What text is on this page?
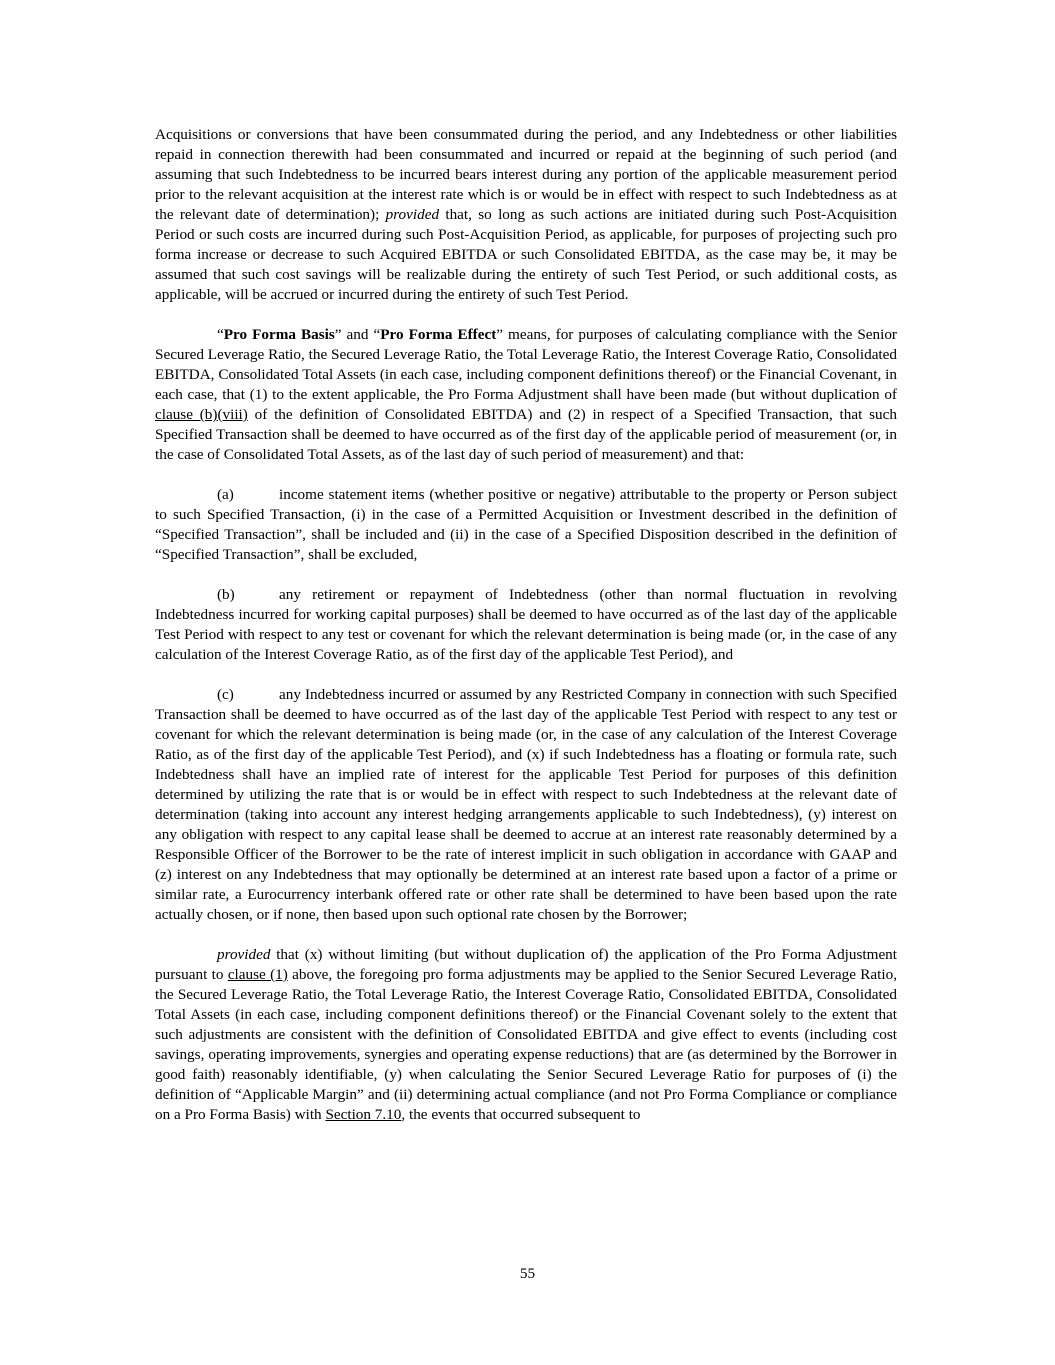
Acquisitions or conversions that have been consummated during the period, and any Indebtedness or other liabilities repaid in connection therewith had been consummated and incurred or repaid at the beginning of such period (and assuming that such Indebtedness to be incurred bears interest during any portion of the applicable measurement period prior to the relevant acquisition at the interest rate which is or would be in effect with respect to such Indebtedness as at the relevant date of determination); provided that, so long as such actions are initiated during such Post-Acquisition Period or such costs are incurred during such Post-Acquisition Period, as applicable, for purposes of projecting such pro forma increase or decrease to such Acquired EBITDA or such Consolidated EBITDA, as the case may be, it may be assumed that such cost savings will be realizable during the entirety of such Test Period, or such additional costs, as applicable, will be accrued or incurred during the entirety of such Test Period.

“Pro Forma Basis” and “Pro Forma Effect” means, for purposes of calculating compliance with the Senior Secured Leverage Ratio, the Secured Leverage Ratio, the Total Leverage Ratio, the Interest Coverage Ratio, Consolidated EBITDA, Consolidated Total Assets (in each case, including component definitions thereof) or the Financial Covenant, in each case, that (1) to the extent applicable, the Pro Forma Adjustment shall have been made (but without duplication of clause (b)(viii) of the definition of Consolidated EBITDA) and (2) in respect of a Specified Transaction, that such Specified Transaction shall be deemed to have occurred as of the first day of the applicable period of measurement (or, in the case of Consolidated Total Assets, as of the last day of such period of measurement) and that:

(a)	income statement items (whether positive or negative) attributable to the property or Person subject to such Specified Transaction, (i) in the case of a Permitted Acquisition or Investment described in the definition of “Specified Transaction”, shall be included and (ii) in the case of a Specified Disposition described in the definition of “Specified Transaction”, shall be excluded,

(b)	any retirement or repayment of Indebtedness (other than normal fluctuation in revolving Indebtedness incurred for working capital purposes) shall be deemed to have occurred as of the last day of the applicable Test Period with respect to any test or covenant for which the relevant determination is being made (or, in the case of any calculation of the Interest Coverage Ratio, as of the first day of the applicable Test Period), and

(c)	any Indebtedness incurred or assumed by any Restricted Company in connection with such Specified Transaction shall be deemed to have occurred as of the last day of the applicable Test Period with respect to any test or covenant for which the relevant determination is being made (or, in the case of any calculation of the Interest Coverage Ratio, as of the first day of the applicable Test Period), and (x) if such Indebtedness has a floating or formula rate, such Indebtedness shall have an implied rate of interest for the applicable Test Period for purposes of this definition determined by utilizing the rate that is or would be in effect with respect to such Indebtedness at the relevant date of determination (taking into account any interest hedging arrangements applicable to such Indebtedness), (y) interest on any obligation with respect to any capital lease shall be deemed to accrue at an interest rate reasonably determined by a Responsible Officer of the Borrower to be the rate of interest implicit in such obligation in accordance with GAAP and (z) interest on any Indebtedness that may optionally be determined at an interest rate based upon a factor of a prime or similar rate, a Eurocurrency interbank offered rate or other rate shall be determined to have been based upon the rate actually chosen, or if none, then based upon such optional rate chosen by the Borrower;

provided that (x) without limiting (but without duplication of) the application of the Pro Forma Adjustment pursuant to clause (1) above, the foregoing pro forma adjustments may be applied to the Senior Secured Leverage Ratio, the Secured Leverage Ratio, the Total Leverage Ratio, the Interest Coverage Ratio, Consolidated EBITDA, Consolidated Total Assets (in each case, including component definitions thereof) or the Financial Covenant solely to the extent that such adjustments are consistent with the definition of Consolidated EBITDA and give effect to events (including cost savings, operating improvements, synergies and operating expense reductions) that are (as determined by the Borrower in good faith) reasonably identifiable, (y) when calculating the Senior Secured Leverage Ratio for purposes of (i) the definition of “Applicable Margin” and (ii) determining actual compliance (and not Pro Forma Compliance or compliance on a Pro Forma Basis) with Section 7.10, the events that occurred subsequent to

55
